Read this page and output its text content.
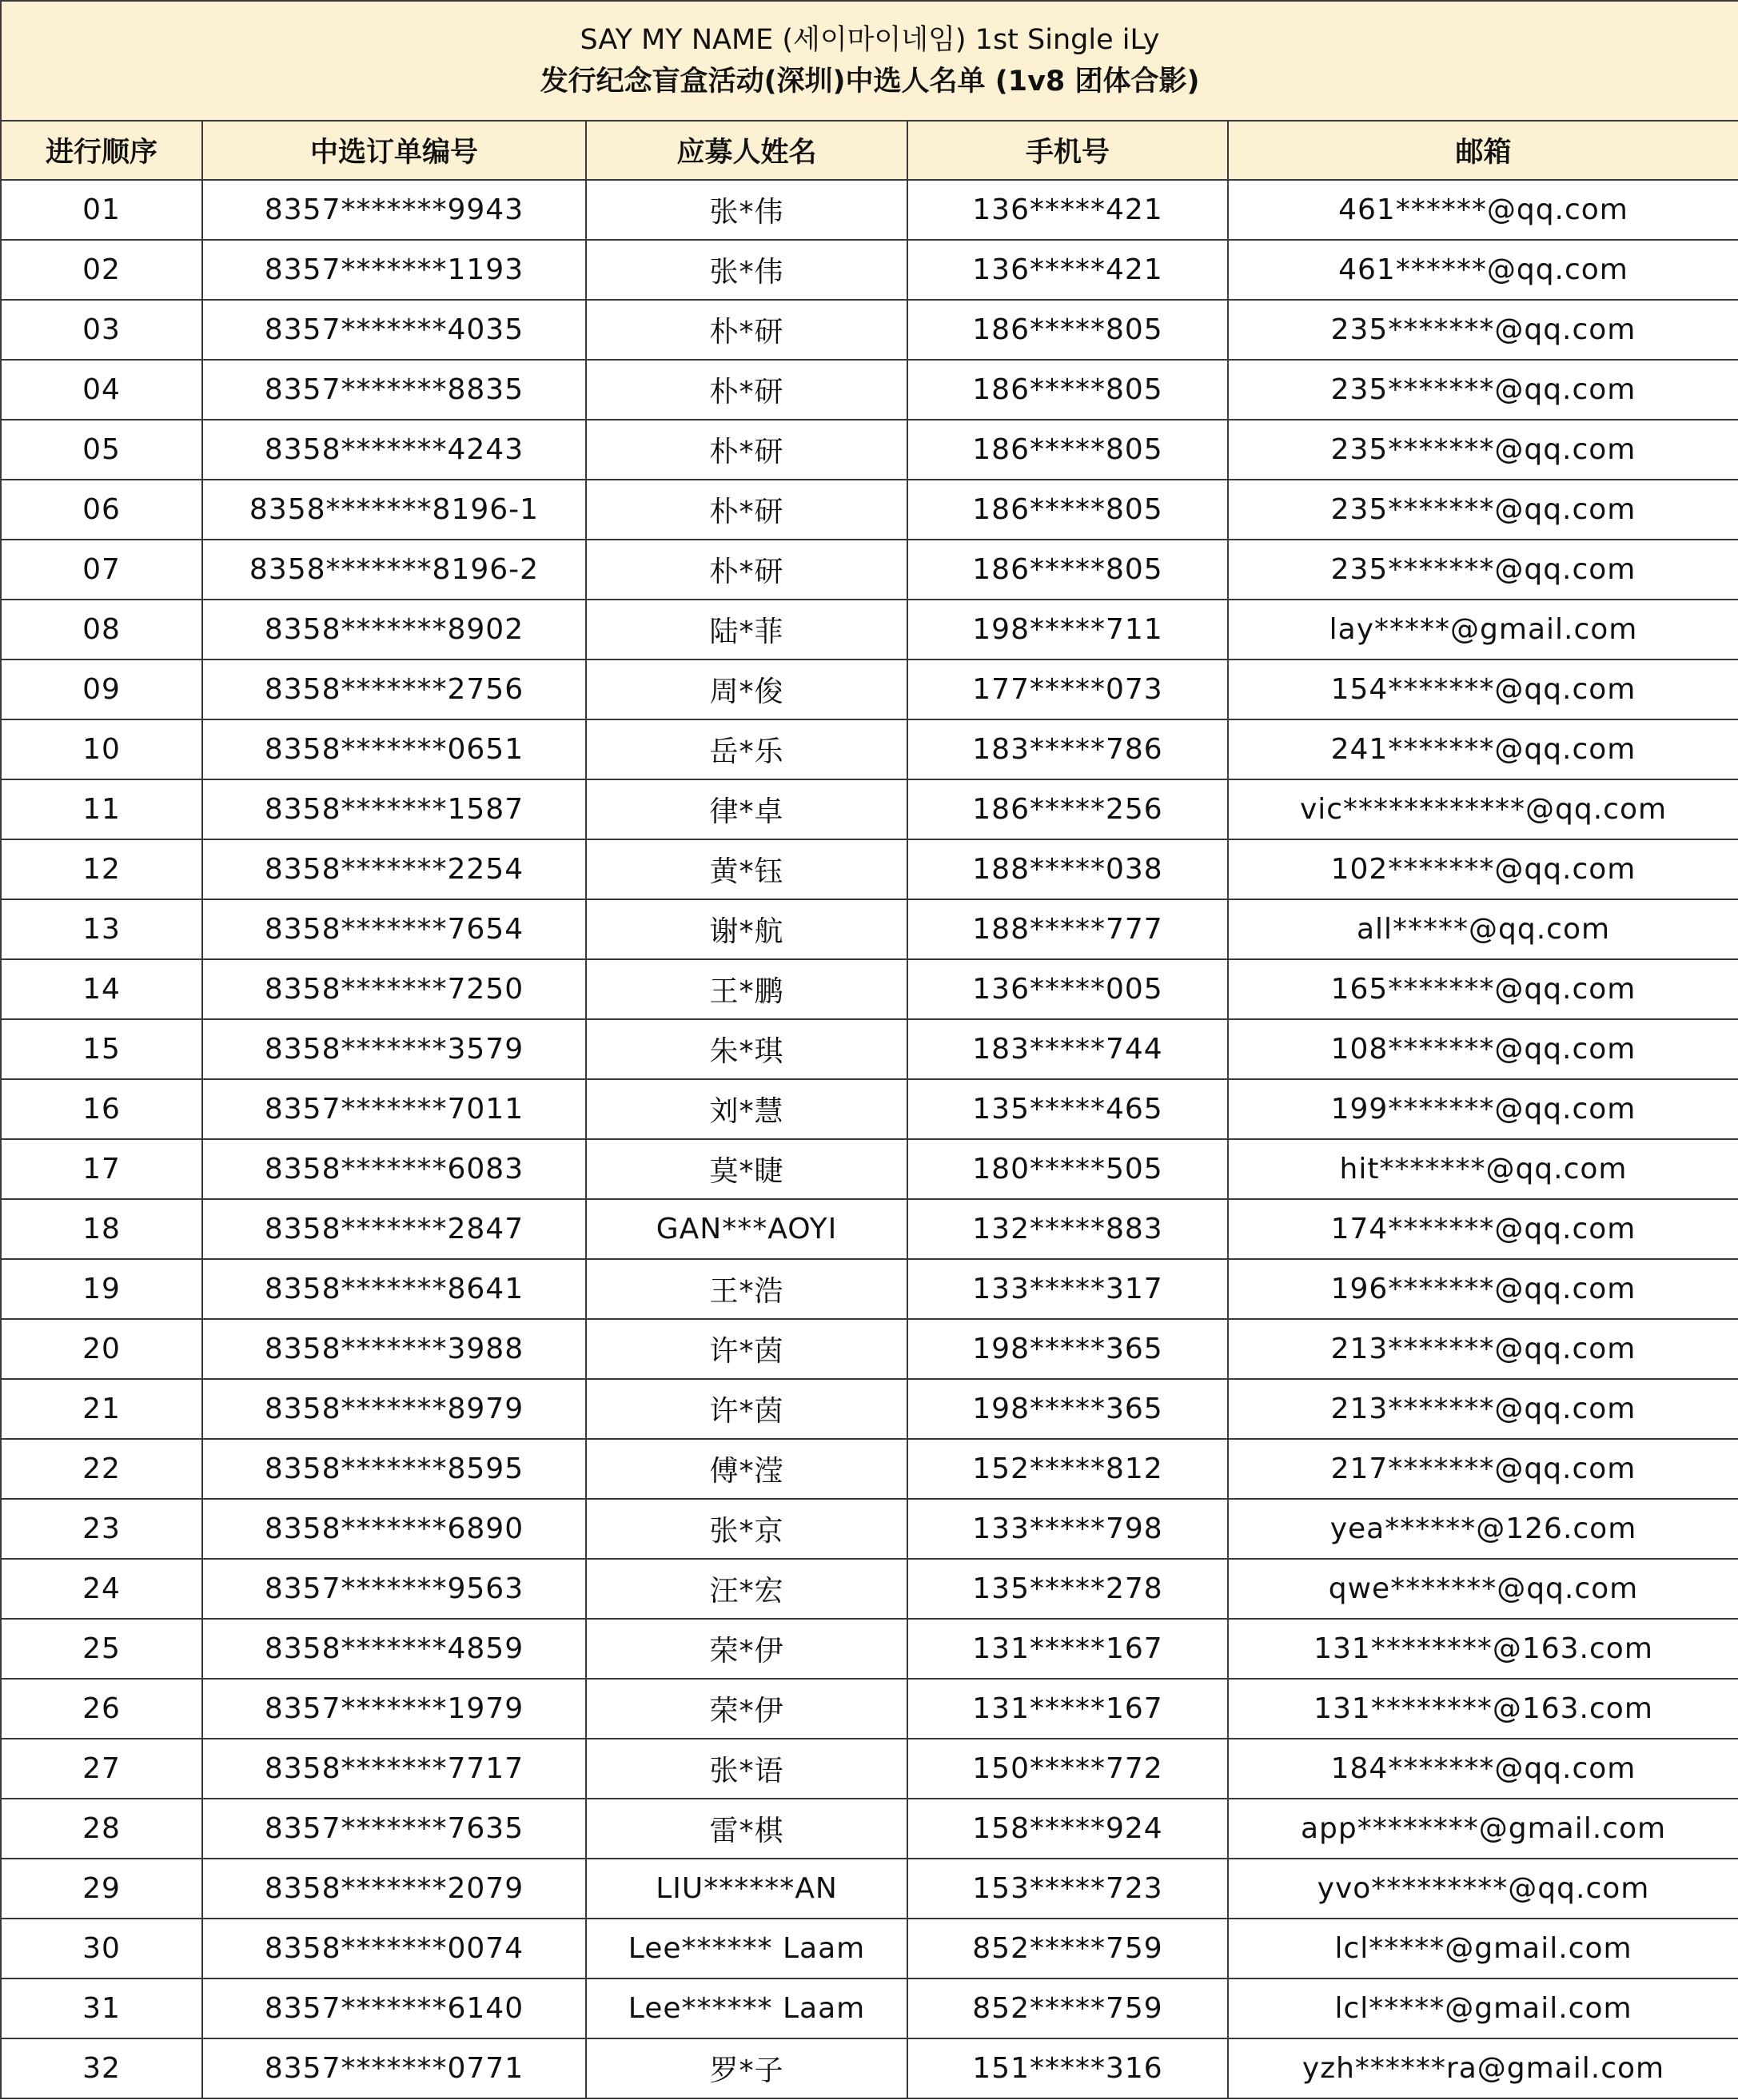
SAY MY NAME (세이마이네임) 1st Single iLy
发行纪念盲盒活动(深圳)中选人名单 (1v8 团体合影)				

进行顺序	中选订单编号	应募人姓名	手机号	邮箱
01	8357*******9943	张*伟	136*****421	461******@qq.com
02	8357*******1193	张*伟	136*****421	461******@qq.com
03	8357*******4035	朴*研	186*****805	235*******@qq.com
04	8357*******8835	朴*研	186*****805	235*******@qq.com
05	8358*******4243	朴*研	186*****805	235*******@qq.com
06	8358*******8196-1	朴*研	186*****805	235*******@qq.com
07	8358*******8196-2	朴*研	186*****805	235*******@qq.com
08	8358*******8902	陆*菲	198*****711	lay*****@gmail.com
09	8358*******2756	周*俊	177*****073	154*******@qq.com
10	8358*******0651	岳*乐	183*****786	241*******@qq.com
11	8358*******1587	律*卓	186*****256	vic************@qq.com
12	8358*******2254	黄*钰	188*****038	102*******@qq.com
13	8358*******7654	谢*航	188*****777	all*****@qq.com
14	8358*******7250	王*鹏	136*****005	165*******@qq.com
15	8358*******3579	朱*琪	183*****744	108*******@qq.com
16	8357*******7011	刘*慧	135*****465	199*******@qq.com
17	8358*******6083	莫*睫	180*****505	hit*******@qq.com
18	8358*******2847	GAN***AOYI	132*****883	174*******@qq.com
19	8358*******8641	王*浩	133*****317	196*******@qq.com
20	8358*******3988	许*茵	198*****365	213*******@qq.com
21	8358*******8979	许*茵	198*****365	213*******@qq.com
22	8358*******8595	傅*滢	152*****812	217*******@qq.com
23	8358*******6890	张*京	133*****798	yea******@126.com
24	8357*******9563	汪*宏	135*****278	qwe*******@qq.com
25	8358*******4859	荣*伊	131*****167	131********@163.com
26	8357*******1979	荣*伊	131*****167	131********@163.com
27	8358*******7717	张*语	150*****772	184*******@qq.com
28	8357*******7635	雷*棋	158*****924	app********@gmail.com
29	8358*******2079	LIU******AN	153*****723	yvo*********@qq.com
30	8358*******0074	Lee****** Laam	852*****759	lcl*****@gmail.com
31	8357*******6140	Lee****** Laam	852*****759	lcl*****@gmail.com
32	8357*******0771	罗*子	151*****316	yzh******ra@gmail.com
